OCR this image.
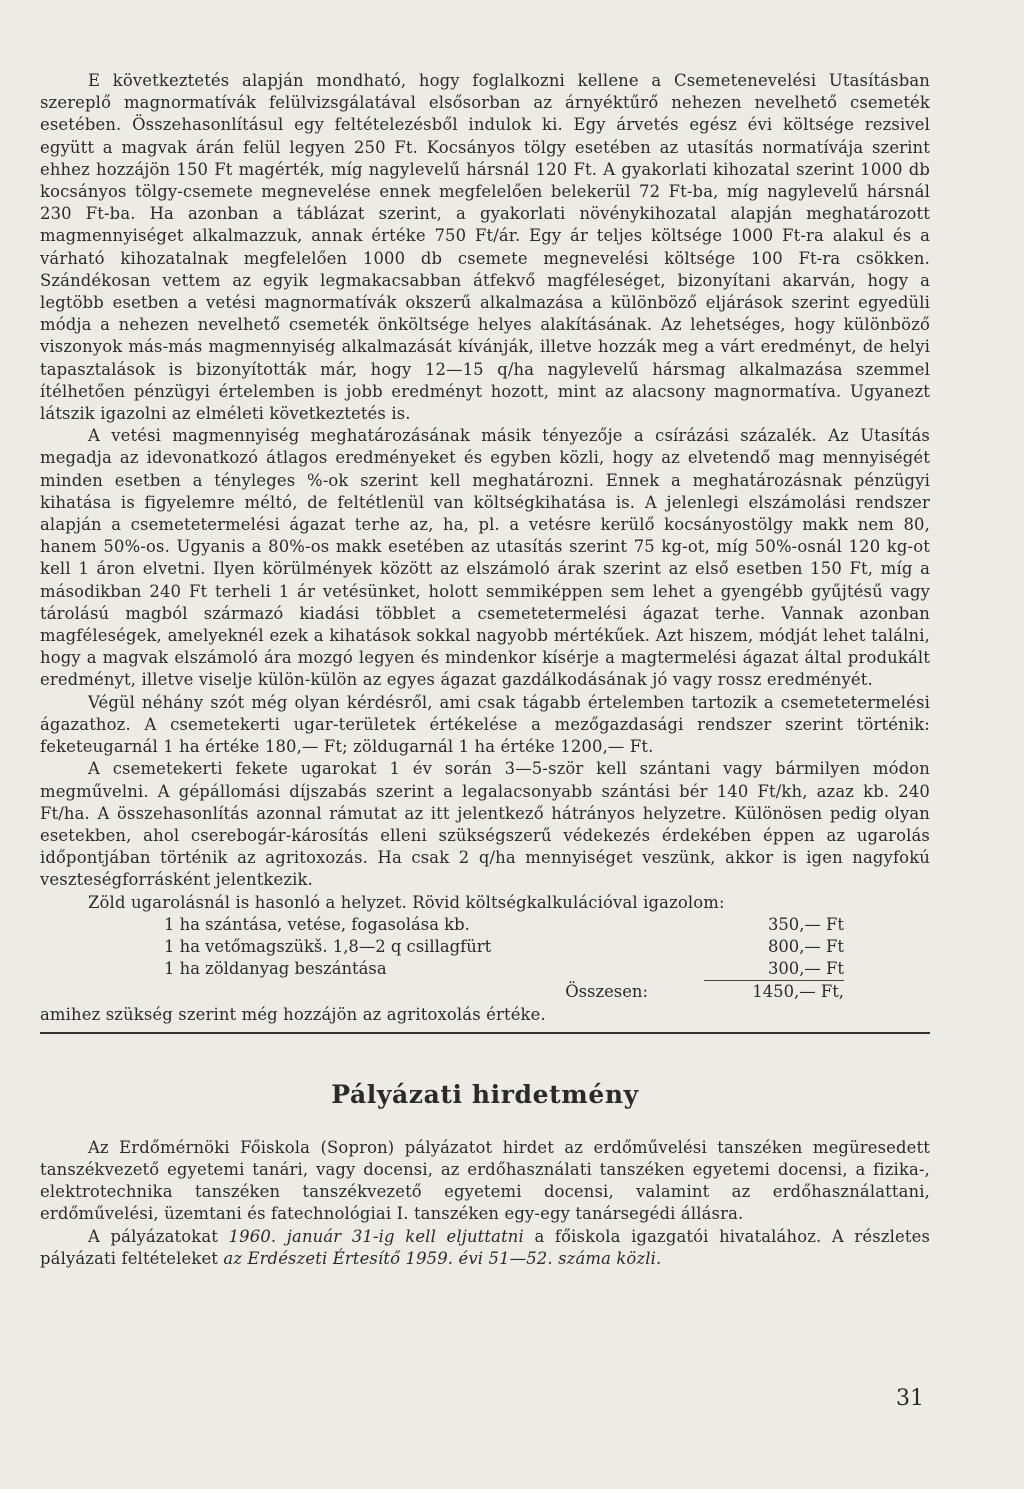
E következtetés alapján mondható, hogy foglalkozni kellene a Csemetenevelési Utasításban szereplő magnormatívák felülvizsgálatával elsősorban az árnyéktűrő nehezen nevelhető csemeték esetében. Összehasonlításul egy feltételezésből indulok ki. Egy árvetés egész évi költsége rezsivel együtt a magvak árán felül legyen 250 Ft. Kocsányos tölgy esetében az utasítás normatívája szerint ehhez hozzájön 150 Ft magérték, míg nagylevelű hársnál 120 Ft. A gyakorlati kihozatal szerint 1000 db kocsányos tölgy-csemete megnevelése ennek megfelelően belekerül 72 Ft-ba, míg nagylevelű hársnál 230 Ft-ba. Ha azonban a táblázat szerint, a gyakorlati növénykihozatal alapján meghatározott magmennyiséget alkalmazzuk, annak értéke 750 Ft/ár. Egy ár teljes költsége 1000 Ft-ra alakul és a várható kihozatalnak megfelelően 1000 db csemete megnevelési költsége 100 Ft-ra csökken. Szándékosan vettem az egyik legmakacsabban átfekvő magféleséget, bizonyítani akarván, hogy a legtöbb esetben a vetési magnormatívák okszerű alkalmazása a különböző eljárások szerint egyedüli módja a nehezen nevelhető csemeték önköltsége helyes alakításának. Az lehetséges, hogy különböző viszonyok más-más magmennyiség alkalmazását kívánják, illetve hozzák meg a várt eredményt, de helyi tapasztalások is bizonyították már, hogy 12—15 q/ha nagylevelű hársmag alkalmazása szemmel ítélhetően pénzügyi értelemben is jobb eredményt hozott, mint az alacsony magnormatíva. Ugyanezt látszik igazolni az elméleti következtetés is.

A vetési magmennyiség meghatározásának másik tényezője a csírázási százalék. Az Utasítás megadja az idevonatkozó átlagos eredményeket és egyben közli, hogy az elvetendő mag mennyiségét minden esetben a tényleges %-ok szerint kell meghatározni. Ennek a meghatározásnak pénzügyi kihatása is figyelemre méltó, de feltétlenül van költségkihatása is. A jelenlegi elszámolási rendszer alapján a csemetetermelési ágazat terhe az, ha, pl. a vetésre kerülő kocsányostölgy makk nem 80, hanem 50%-os. Ugyanis a 80%-os makk esetében az utasítás szerint 75 kg-ot, míg 50%-osnál 120 kg-ot kell 1 áron elvetni. Ilyen körülmények között az elszámoló árak szerint az első esetben 150 Ft, míg a másodikban 240 Ft terheli 1 ár vetésünket, holott semmiképpen sem lehet a gyengébb gyűjtésű vagy tárolású magból származó kiadási többlet a csemetetermelési ágazat terhe. Vannak azonban magféleségek, amelyeknél ezek a kihatások sokkal nagyobb mértékűek. Azt hiszem, módját lehet találni, hogy a magvak elszámoló ára mozgó legyen és mindenkor kísérje a magtermelési ágazat által produkált eredményt, illetve viselje külön-külön az egyes ágazat gazdálkodásának jó vagy rossz eredményét.

Végül néhány szót még olyan kérdésről, ami csak tágabb értelemben tartozik a csemetetermelési ágazathoz. A csemetekerti ugar-területek értékelése a mezőgazdasági rendszer szerint történik: feketeugarnál 1 ha értéke 180,— Ft; zöldugarnál 1 ha értéke 1200,— Ft.

A csemetekerti fekete ugarokat 1 év során 3—5-ször kell szántani vagy bármilyen módon megművelni. A gépállomási díjszabás szerint a legalacsonyabb szántási bér 140 Ft/kh, azaz kb. 240 Ft/ha. A összehasonlítás azonnal rámutat az itt jelentkező hátrányos helyzetre. Különösen pedig olyan esetekben, ahol cserebogár-károsítás elleni szükségszerű védekezés érdekében éppen az ugarolás időpontjában történik az agritoxozás. Ha csak 2 q/ha mennyiséget veszünk, akkor is igen nagyfokú veszteségforrásként jelentkezik.

Zöld ugarolásnál is hasonló a helyzet. Rövid költségkalkulációval igazolom:

1 ha szántása, vetése, fogasolása kb.	350,— Ft
1 ha vetőmagszükš. 1,8—2 q csillagfürt	800,— Ft
1 ha zöldanyag beszántása	300,— Ft
Összesen:	1450,— Ft,

amihez szükség szerint még hozzájön az agritoxolás értéke.

Pályázati hirdetmény

Az Erdőmérnöki Főiskola (Sopron) pályázatot hirdet az erdőművelési tanszéken megüresedett tanszékvezető egyetemi tanári, vagy docensi, az erdőhasználati tanszéken egyetemi docensi, a fizika-, elektrotechnika tanszéken tanszékvezető egyetemi docensi, valamint az erdőhasználattani, erdőművelési, üzemtani és fatechnológiai I. tanszéken egy-egy tanársegédi állásra.

A pályázatokat 1960. január 31-ig kell eljuttatni a főiskola igazgatói hivatalához. A részletes pályázati feltételeket az Erdészeti Értesítő 1959. évi 51—52. száma közli.

31
